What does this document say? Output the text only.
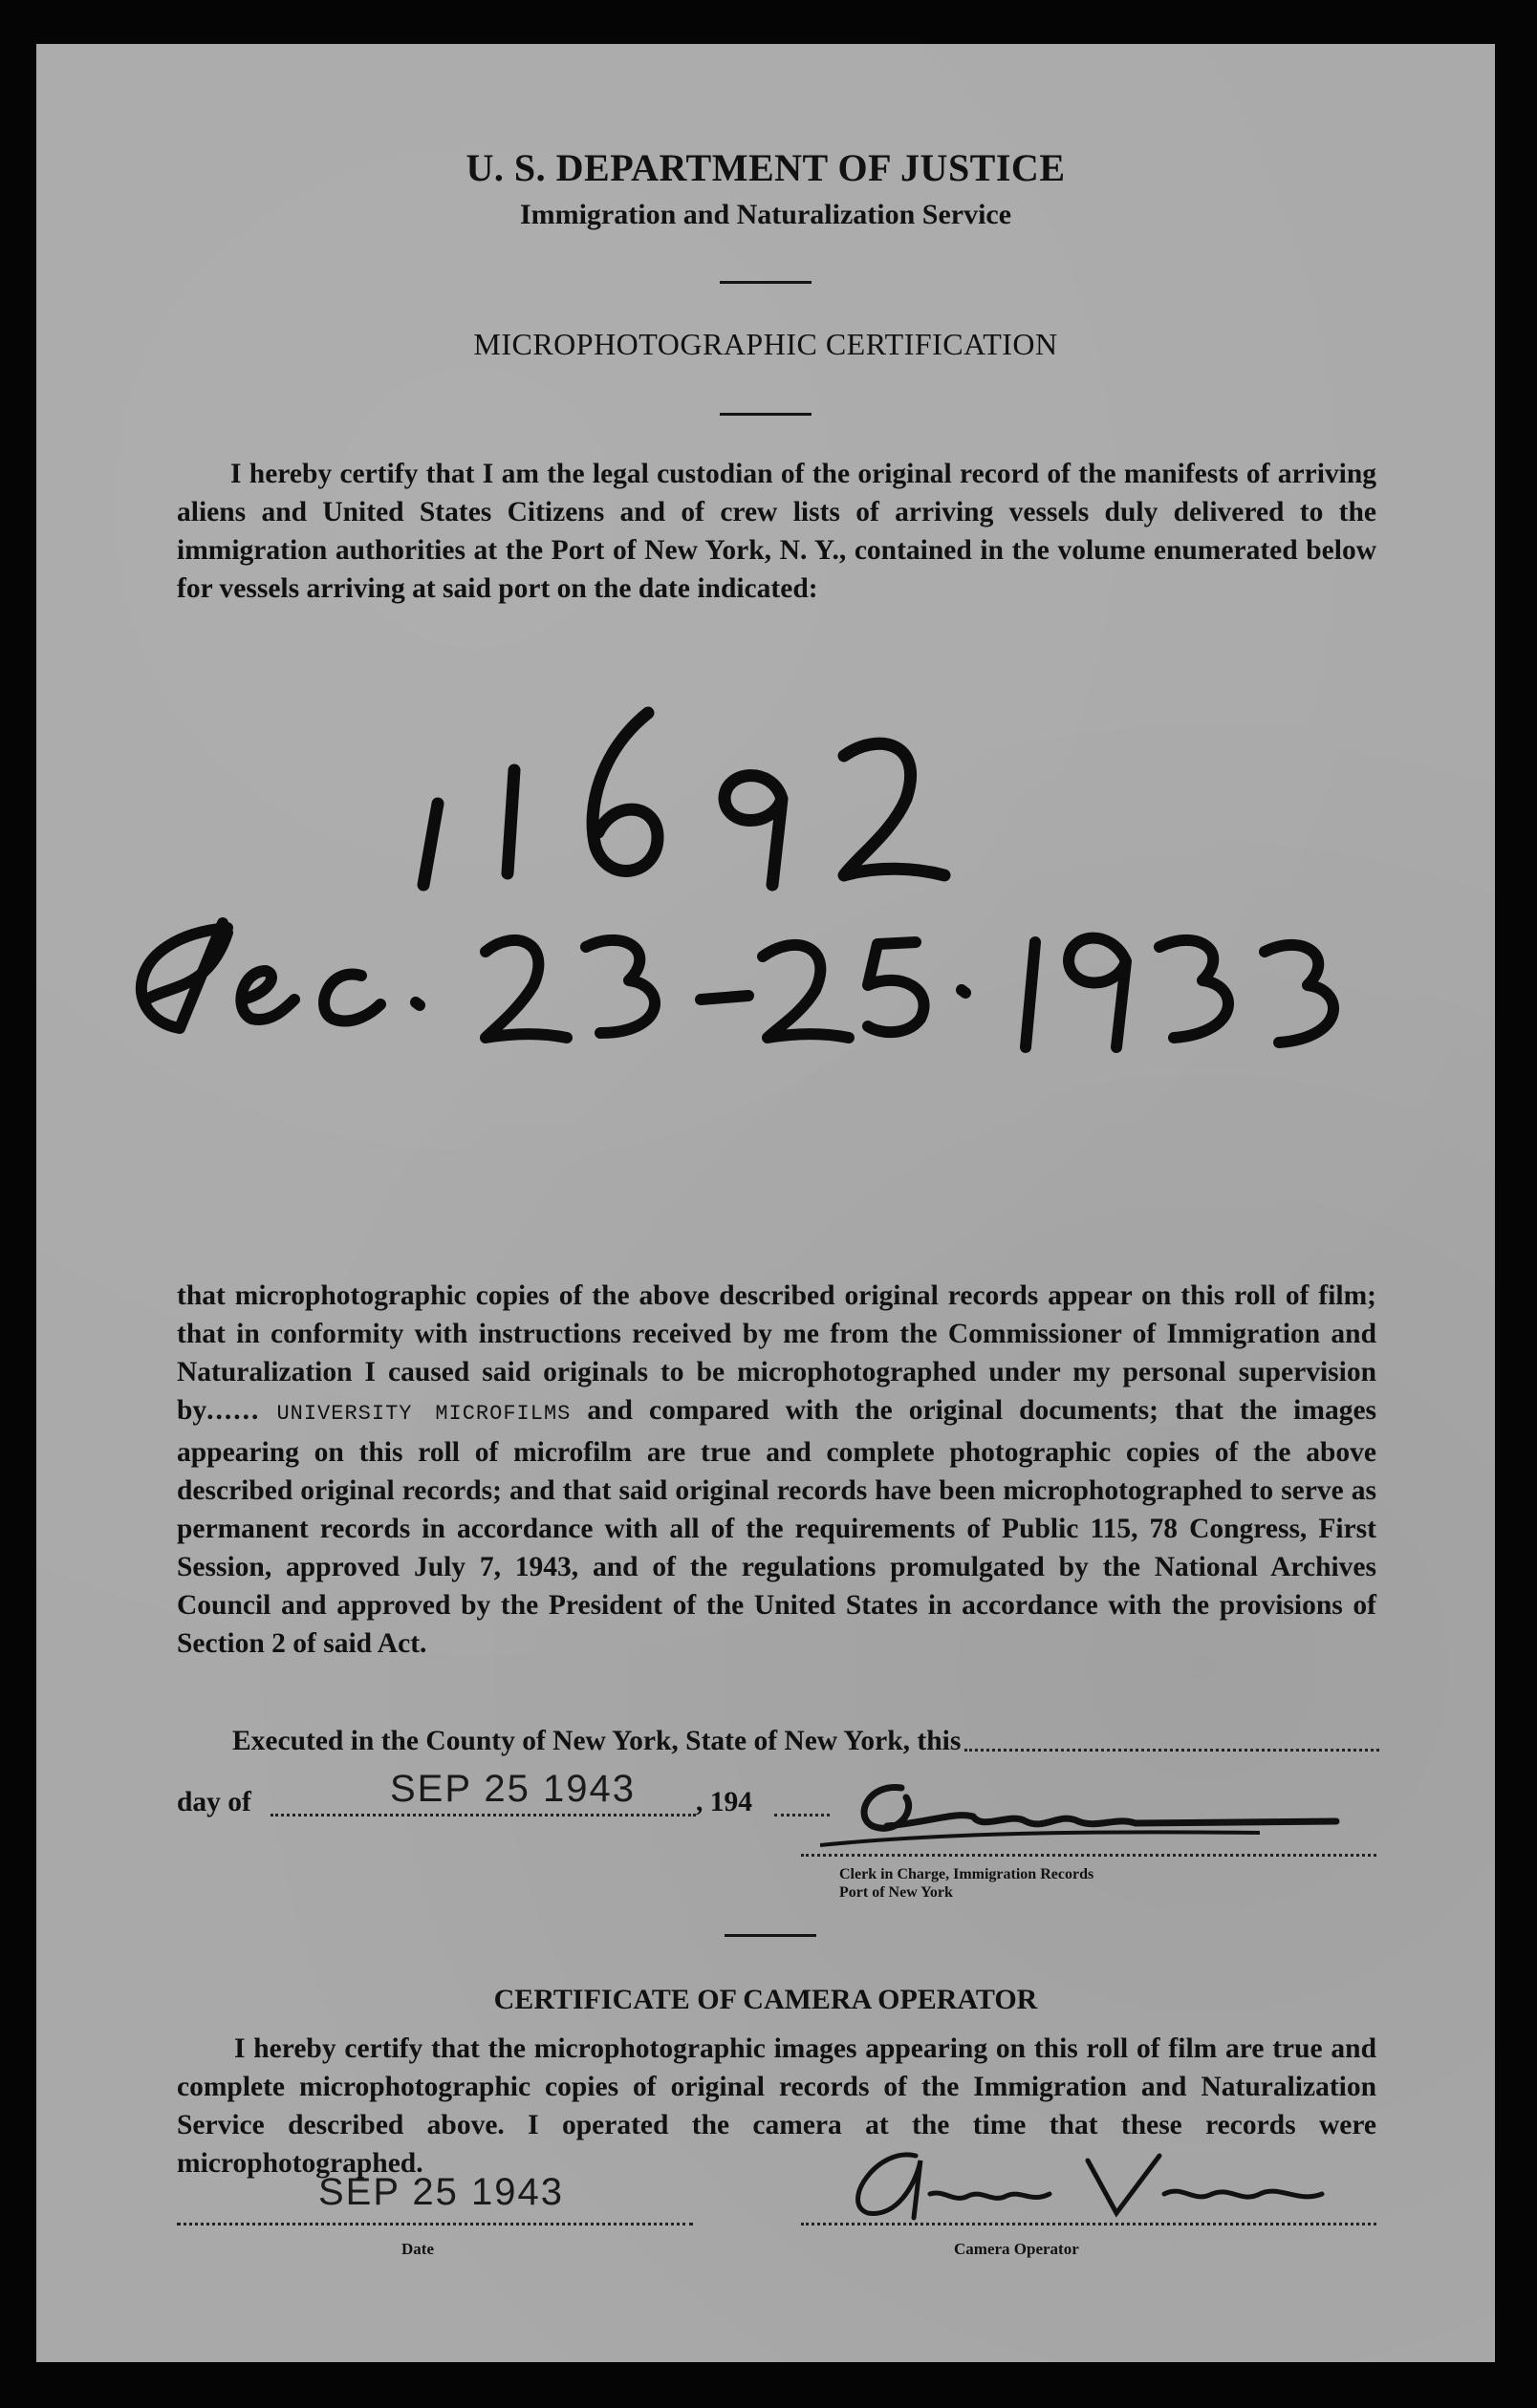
U. S. DEPARTMENT OF JUSTICE
Immigration and Naturalization Service
MICROPHOTOGRAPHIC CERTIFICATION
I hereby certify that I am the legal custodian of the original record of the manifests of arriving aliens and United States Citizens and of crew lists of arriving vessels duly delivered to the immigration authorities at the Port of New York, N. Y., contained in the volume enumerated below for vessels arriving at said port on the date indicated:
that microphotographic copies of the above described original records appear on this roll of film; that in conformity with instructions received by me from the Commissioner of Immigration and Naturalization I caused said originals to be microphotographed under my personal supervision by...... UNIVERSITY MICROFILMS and compared with the original documents; that the images appearing on this roll of microfilm are true and complete photographic copies of the above described original records; and that said original records have been microphotographed to serve as permanent records in accordance with all of the requirements of Public 115, 78 Congress, First Session, approved July 7, 1943, and of the regulations promulgated by the National Archives Council and approved by the President of the United States in accordance with the provisions of Section 2 of said Act.
Executed in the County of New York, State of New York, this
day of	SEP 25 1943 , 194
Clerk in Charge, Immigration Records
Port of New York
CERTIFICATE OF CAMERA OPERATOR
I hereby certify that the microphotographic images appearing on this roll of film are true and complete microphotographic copies of original records of the Immigration and Naturalization Service described above. I operated the camera at the time that these records were microphotographed.
SEP 25 1943
Date	Camera Operator
